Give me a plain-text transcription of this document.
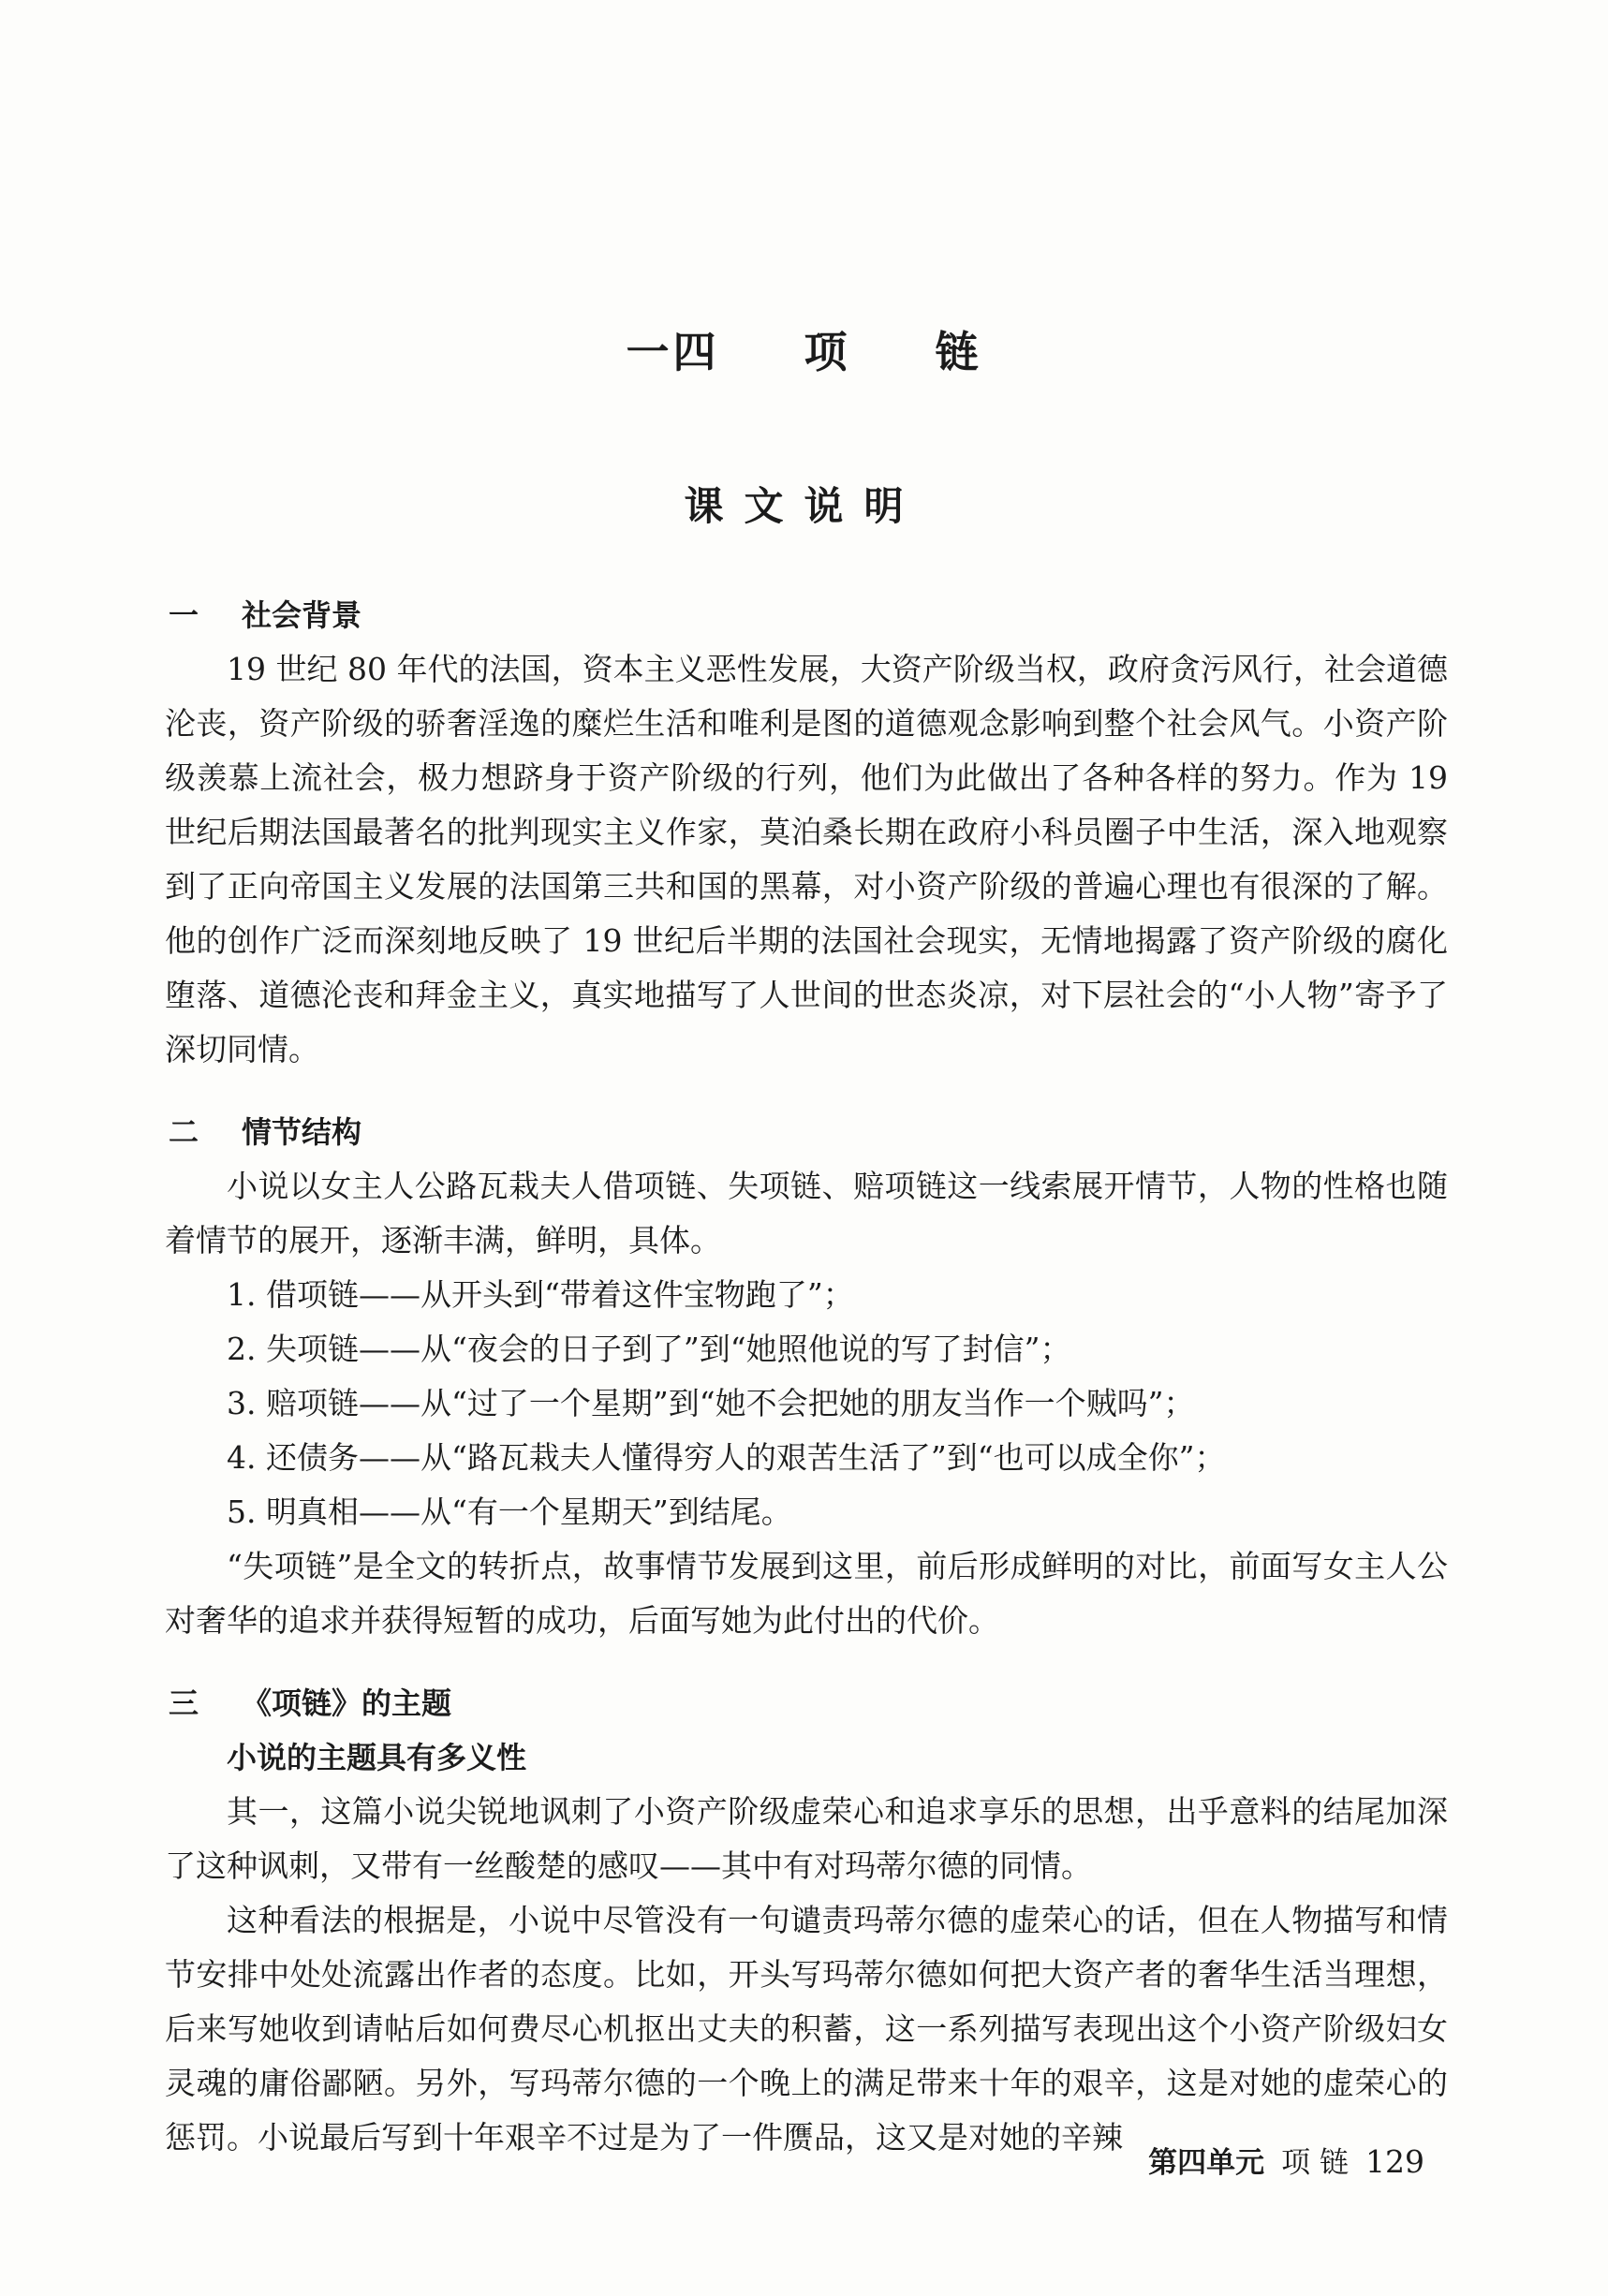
一四 项 链
课文说明

一 社会背景

19 世纪 80 年代的法国，资本主义恶性发展，大资产阶级当权，政府贪污风行，社会道德沦丧，资产阶级的骄奢淫逸的糜烂生活和唯利是图的道德观念影响到整个社会风气。小资产阶级羡慕上流社会，极力想跻身于资产阶级的行列，他们为此做出了各种各样的努力。作为 19 世纪后期法国最著名的批判现实主义作家，莫泊桑长期在政府小科员圈子中生活，深入地观察到了正向帝国主义发展的法国第三共和国的黑幕，对小资产阶级的普遍心理也有很深的了解。他的创作广泛而深刻地反映了 19 世纪后半期的法国社会现实，无情地揭露了资产阶级的腐化堕落、道德沦丧和拜金主义，真实地描写了人世间的世态炎凉，对下层社会的“小人物”寄予了深切同情。

二 情节结构

小说以女主人公路瓦栽夫人借项链、失项链、赔项链这一线索展开情节，人物的性格也随着情节的展开，逐渐丰满，鲜明，具体。

1. 借项链——从开头到“带着这件宝物跑了”；

2. 失项链——从“夜会的日子到了”到“她照他说的写了封信”；

3. 赔项链——从“过了一个星期”到“她不会把她的朋友当作一个贼吗”；

4. 还债务——从“路瓦栽夫人懂得穷人的艰苦生活了”到“也可以成全你”；

5. 明真相——从“有一个星期天”到结尾。

“失项链”是全文的转折点，故事情节发展到这里，前后形成鲜明的对比，前面写女主人公对奢华的追求并获得短暂的成功，后面写她为此付出的代价。

三 《项链》的主题

小说的主题具有多义性

其一，这篇小说尖锐地讽刺了小资产阶级虚荣心和追求享乐的思想，出乎意料的结尾加深了这种讽刺，又带有一丝酸楚的感叹——其中有对玛蒂尔德的同情。

这种看法的根据是，小说中尽管没有一句谴责玛蒂尔德的虚荣心的话，但在人物描写和情节安排中处处流露出作者的态度。比如，开头写玛蒂尔德如何把大资产者的奢华生活当理想，后来写她收到请帖后如何费尽心机抠出丈夫的积蓄，这一系列描写表现出这个小资产阶级妇女灵魂的庸俗鄙陋。另外，写玛蒂尔德的一个晚上的满足带来十年的艰辛，这是对她的虚荣心的惩罚。小说最后写到十年艰辛不过是为了一件赝品，这又是对她的辛辣

第四单元 项 链 129
